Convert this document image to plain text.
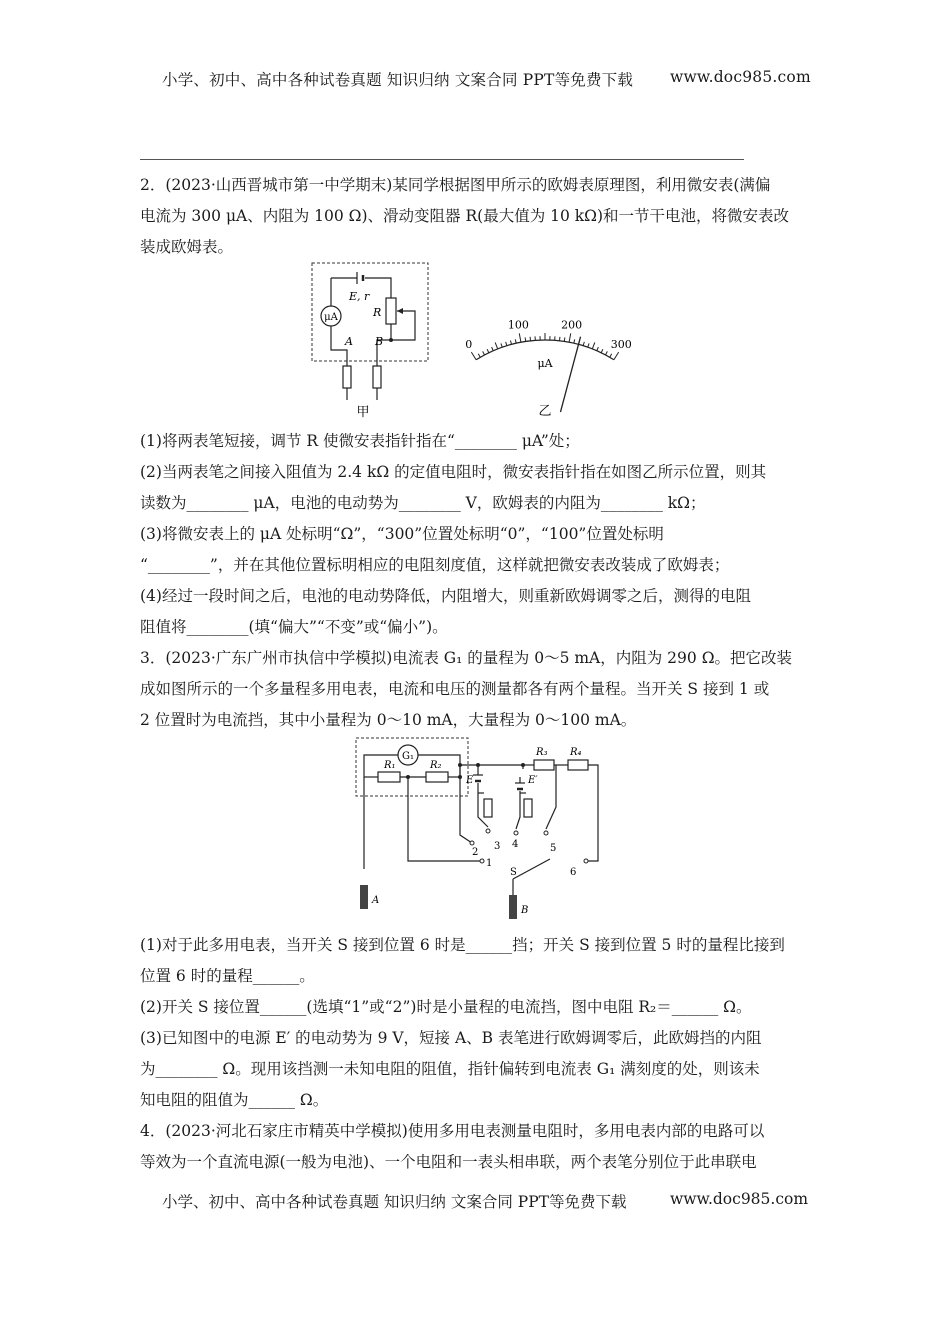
小学、初中、高中各种试卷真题 知识归纳 文案合同 PPT等免费下载 www.doc985.com

2．(2023·山西晋城市第一中学期末)某同学根据图甲所示的欧姆表原理图，利用微安表(满偏

电流为 300 μA、内阻为 100 Ω)、滑动变阻器 R(最大值为 10 kΩ)和一节干电池，将微安表改

装成欧姆表。

μA
E, r
R
A B
甲
0
100	200
300
μA
乙

(1)将两表笔短接，调节 R 使微安表指针指在“________ μA”处；

(2)当两表笔之间接入阻值为 2.4 kΩ 的定值电阻时，微安表指针指在如图乙所示位置，则其

读数为________ μA，电池的电动势为________ V，欧姆表的内阻为________ kΩ；

(3)将微安表上的 μA 处标明“Ω”，“300”位置处标明“0”，“100”位置处标明

“________”，并在其他位置标明相应的电阻刻度值，这样就把微安表改装成了欧姆表；

(4)经过一段时间之后，电池的电动势降低，内阻增大，则重新欧姆调零之后，测得的电阻

阻值将________(填“偏大”“不变”或“偏小”)。

3．(2023·广东广州市执信中学模拟)电流表 G₁ 的量程为 0～5 mA，内阻为 290 Ω。把它改装

成如图所示的一个多量程多用电表，电流和电压的测量都各有两个量程。当开关 S 接到 1 或

2 位置时为电流挡，其中小量程为 0～10 mA，大量程为 0～100 mA。

G₁
R₁	R₂
R₃ R₄
E	E′
S
1
2
3 4	5
6
A
B

(1)对于此多用电表，当开关 S 接到位置 6 时是______挡；开关 S 接到位置 5 时的量程比接到

位置 6 时的量程______。

(2)开关 S 接位置______(选填“1”或“2”)时是小量程的电流挡，图中电阻 R₂＝______ Ω。

(3)已知图中的电源 E′ 的电动势为 9 V，短接 A、B 表笔进行欧姆调零后，此欧姆挡的内阻

为________ Ω。现用该挡测一未知电阻的阻值，指针偏转到电流表 G₁ 满刻度的处，则该未

知电阻的阻值为______ Ω。

4．(2023·河北石家庄市精英中学模拟)使用多用电表测量电阻时，多用电表内部的电路可以

等效为一个直流电源(一般为电池)、一个电阻和一表头相串联，两个表笔分别位于此串联电

小学、初中、高中各种试卷真题 知识归纳 文案合同 PPT等免费下载	www.doc985.com
